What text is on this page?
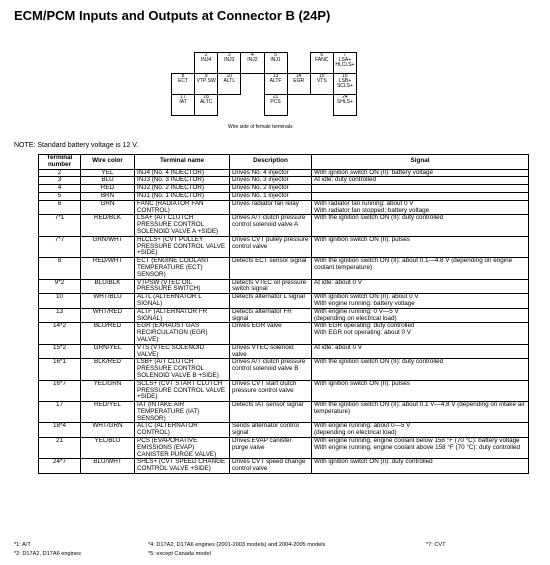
ECM/PCM Inputs and Outputs at Connector B (24P)

	2
INJ4	3
INJ3	4
INJ2	5
INJ1		6
FANC	7
LSA+ HLCLS+

8
ECT	9
VTP SW	10
ALTL		13
ALTF	14
EGR	15
VTS	16
LSB+ SCLS+

17
IAT	18
ALTC			21
PCS			24
SHLS+
Wire side of female terminals
NOTE: Standard battery voltage is 12 V.
Terminal number	Wire color	Terminal name	Description	Signal
2	YEL	INJ4 (No. 4 INJECTOR)	Drives No. 4 injector	With ignition switch ON (II): battery voltage
3	BLU	INJ3 (No. 3 INJECTOR)	Drives No. 3 injector	At idle: duty controlled
4	RED	INJ2 (No. 2 INJECTOR)	Drives No. 2 injector	
5	BRN	INJ1 (No. 1 INJECTOR)	Drives No. 1 injector	
6	GRN	FANC (RADIATOR FAN CONTROL)	Drives radiator fan relay	With radiator fan running: about 0 V
With radiator fan stopped: battery voltage
7*1	RED/BLK	LSA+ (A/T CLUTCH PRESSURE CONTROL SOLENOID VALVE A +SIDE)	Drives A/T clutch pressure control solenoid valve A	With the ignition switch ON (II): duty controlled
7*7	GRN/WHT	HLCLS+ (CVT PULLEY PRESSURE CONTROL VALVE +SIDE)	Drives CVT pulley pressure control valve	With ignition switch ON (II): pulses
8	RED/WHT	ECT (ENGINE COOLANT TEMPERATURE (ECT) SENSOR)	Detects ECT sensor signal	With the ignition switch ON (II): about 0.1—4.8 V (depending on engine coolant temperature)
9*2	BLU/BLK	VTPSW (VTEC OIL PRESSURE SWITCH)	Detects VTEC oil pressure switch signal	At idle: about 0 V
10	WHT/BLU	ALTL (ALTERNATOR L SIGNAL)	Detects alternator L signal	With ignition switch ON (II): about 0 V
With engine running: battery voltage
13	WHT/RED	ALTF (ALTERNATOR FR SIGNAL)	Detects alternator FR signal	With engine running: 0 V—5 V
(depending on electrical load)
14*2	BLU/RED	EGR (EXHAUST GAS RECIRCULATION (EGR) VALVE)	Drives EGR valve	With EGR operating: duty controlled
With EGR not operating: about 0 V
15*2	GRN/YEL	VTS (VTEC SOLENOID VALVE)	Drives VTEC solenoid valve	At idle: about 0 V
16*1	BLK/RED	LSB+ (A/T CLUTCH PRESSURE CONTROL SOLENOID VALVE B +SIDE)	Drives A/T clutch pressure control solenoid valve B	With the ignition switch ON (II): duty controlled
16*7	YEL/GRN	SCLS+ (CVT START CLUTCH PRESSURE CONTROL VALVE +SIDE)	Drives CVT start clutch pressure control valve	With ignition switch ON (II): pulses
17	RED/YEL	IAT (INTAKE AIR TEMPERATURE (IAT) SENSOR)	Detects IAT sensor signal	With the ignition switch ON (II): about 0.1 V—4.8 V (depending on intake air temperature)
18*4	WHT/GRN	ALTC (ALTERNATOR CONTROL)	Sends alternator control signal	With engine running: about 0—5 V
(depending on electrical load)
21	YEL/BLU	PCS (EVAPORATIVE EMISSIONS (EVAP) CANISTER PURGE VALVE)	Drives EVAP canister purge valve	With engine running, engine coolant below 158 °F (70 °C): battery voltage
With engine running, engine coolant above 158 °F (70 °C): duty controlled
24*7	BLU/WHT	SHLS+ (CVT SPEED CHANGE CONTROL VALVE +SIDE)	Drives CVT speed change control valve	With ignition switch ON (II): duty controlled
*1: A/T
*2: D17A2, D17A6 engines
*4: D17A2, D17A6 engines (2001-2003 models) and 2004-2005 models
*5: except Canada model
*7: CVT
